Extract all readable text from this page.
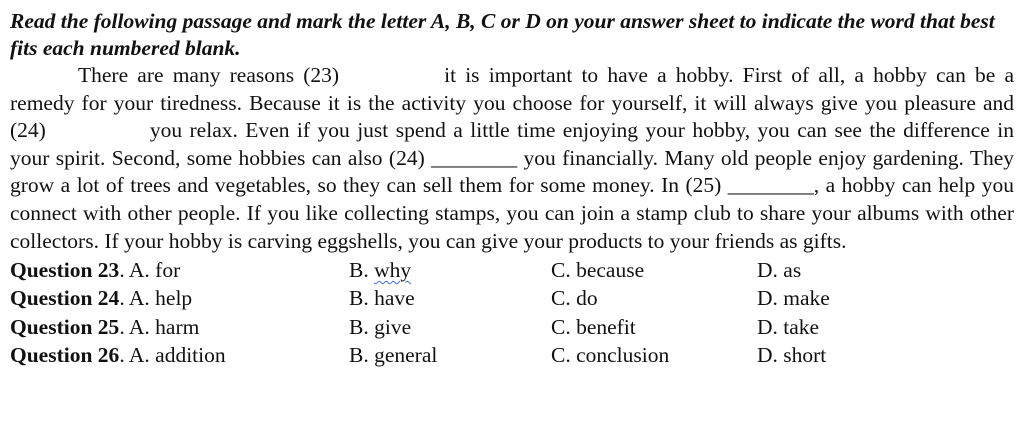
Read the following passage and mark the letter A, B, C or D on your answer sheet to indicate the word that best fits each numbered blank.

There are many reasons (23)	it is important to have a hobby. First of all, a hobby can be a remedy for your tiredness. Because it is the activity you choose for yourself, it will always give you pleasure and (24)	you relax. Even if you just spend a little time enjoying your hobby, you can see the difference in your spirit. Second, some hobbies can also (24) ________ you financially. Many old people enjoy gardening. They grow a lot of trees and vegetables, so they can sell them for some money. In (25) ________, a hobby can help you connect with other people. If you like collecting stamps, you can join a stamp club to share your albums with other collectors. If your hobby is carving eggshells, you can give your products to your friends as gifts.

Question 23. A. for	B. why	C. because	D. as
Question 24. A. help	B. have	C. do	D. make
Question 25. A. harm	B. give	C. benefit	D. take
Question 26. A. addition	B. general	C. conclusion	D. short
